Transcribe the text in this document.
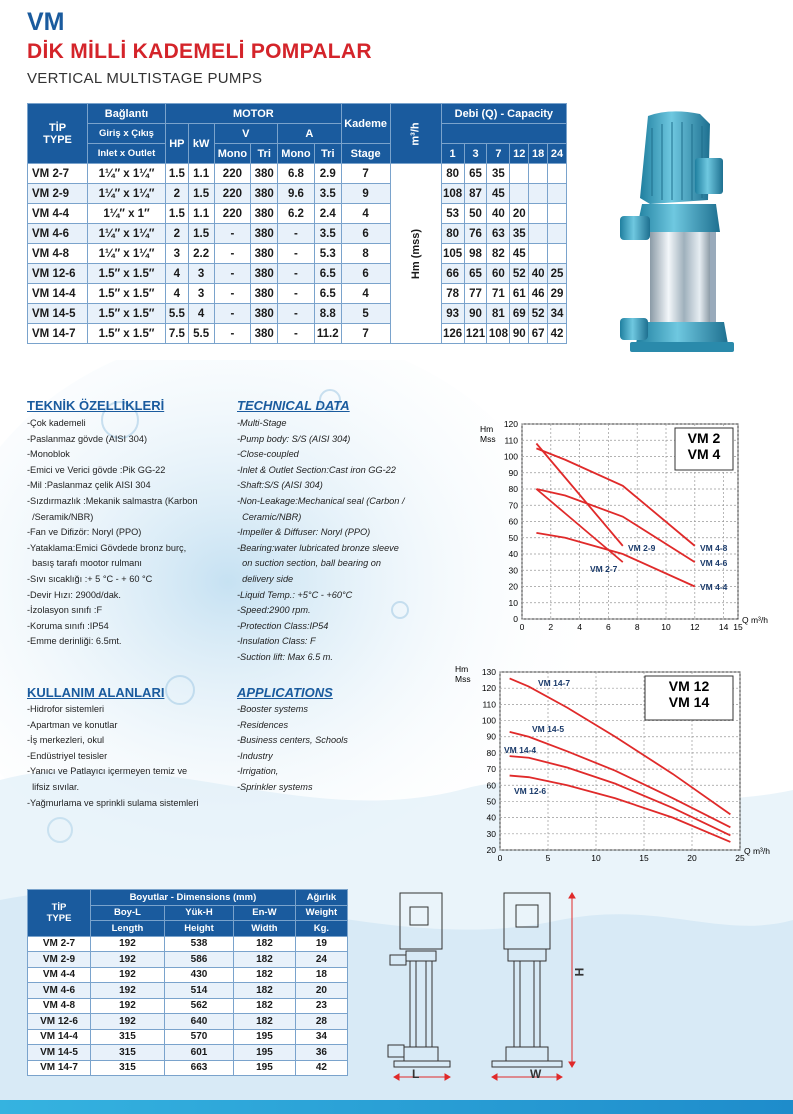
VM
DİK MİLLİ KADEMELİ POMPALAR
VERTICAL MULTISTAGE PUMPS
TİP
TYPE	Bağlantı	MOTOR						Kademe	m³/h	Debi (Q) - Capacity					
	Giriş x Çıkış	HP	kW	V		A									
	Inlet x Outlet			Mono	Tri	Mono	Tri	Stage		1	3	7	12	18	24
VM 2-7	1¼″ x 1¼″	1.5	1.1	220	380	6.8	2.9	7	Hm (mss)	80	65	35			
VM 2-9	1¼″ x 1¼″	2	1.5	220	380	9.6	3.5	9		108	87	45			
VM 4-4	1¼″ x 1″	1.5	1.1	220	380	6.2	2.4	4		53	50	40	20		
VM 4-6	1¼″ x 1¼″	2	1.5	-	380	-	3.5	6		80	76	63	35		
VM 4-8	1¼″ x 1¼″	3	2.2	-	380	-	5.3	8		105	98	82	45		
VM 12-6	1.5″ x 1.5″	4	3	-	380	-	6.5	6		66	65	60	52	40	25
VM 14-4	1.5″ x 1.5″	4	3	-	380	-	6.5	4		78	77	71	61	46	29
VM 14-5	1.5″ x 1.5″	5.5	4	-	380	-	8.8	5		93	90	81	69	52	34
VM 14-7	1.5″ x 1.5″	7.5	5.5	-	380	-	11.2	7		126	121	108	90	67	42
TEKNİK ÖZELLİKLERİ
-Çok kademeli
-Paslanmaz gövde (AISI 304)
-Monoblok
-Emici ve Verici gövde :Pik GG-22
-Mil :Paslanmaz çelik AISI 304
-Sızdırmazlık :Mekanik salmastra (Karbon
/Seramik/NBR)
-Fan ve Difizör: Noryl (PPO)
-Yataklama:Emici Gövdede bronz burç,
basış tarafı mootor rulmanı
-Sıvı sıcaklığı :+ 5 °C - + 60 °C
-Devir Hızı: 2900d/dak.
-İzolasyon sınıfı :F
-Koruma sınıfı :IP54
-Emme derinliği: 6.5mt.
TECHNICAL DATA
-Multi-Stage
-Pump body: S/S (AISI 304)
-Close-coupled
-Inlet & Outlet Section:Cast iron GG-22
-Shaft:S/S (AISI 304)
-Non-Leakage:Mechanical seal (Carbon /
Ceramic/NBR)
-Impeller & Diffuser: Noryl (PPO)
-Bearing:water lubricated bronze sleeve
on suction section, ball bearing on
delivery side
-Liquid Temp.: +5°C - +60°C
-Speed:2900 rpm.
-Protection Class:IP54
-Insulation Class: F
-Suction lift: Max 6.5 m.
KULLANIM ALANLARI
-Hidrofor sistemleri
-Apartman ve konutlar
-İş merkezleri, okul
-Endüstriyel tesisler
-Yanıcı ve Patlayıcı içermeyen temiz ve
lifsiz sıvılar.
-Yağmurlama ve sprinkli sulama sistemleri
APPLICATIONS
-Booster systems
-Residences
-Business centers, Schools
-Industry
-Irrigation,
-Sprinkler systems
0	2	4	6	8	10 12 14 15
0
10
20
30
40
50
60
70
80
90
100
110
120
Hm
Mss
Q m³/h
VM 2
VM 4
VM 2-9
VM 2-7
VM 4-8
VM 4-6
VM 4-4
0	5	10	15	20	25
20
30
40
50
60
70
80
90
100
110
120
130
Hm
Mss
Q m³/h
VM 12
VM 14
VM 14-7
VM 14-5
VM 14-4
VM 12-6
TİP
TYPE	Boyutlar - Dimensions (mm)			Ağırlık
	Boy-L	Yük-H	En-W	Weight
	Length	Height	Width	Kg.
VM 2-7	192	538	182	19
VM 2-9	192	586	182	24
VM 4-4	192	430	182	18
VM 4-6	192	514	182	20
VM 4-8	192	562	182	23
VM 12-6	192	640	182	28
VM 14-4	315	570	195	34
VM 14-5	315	601	195	36
VM 14-7	315	663	195	42	L	W
H
